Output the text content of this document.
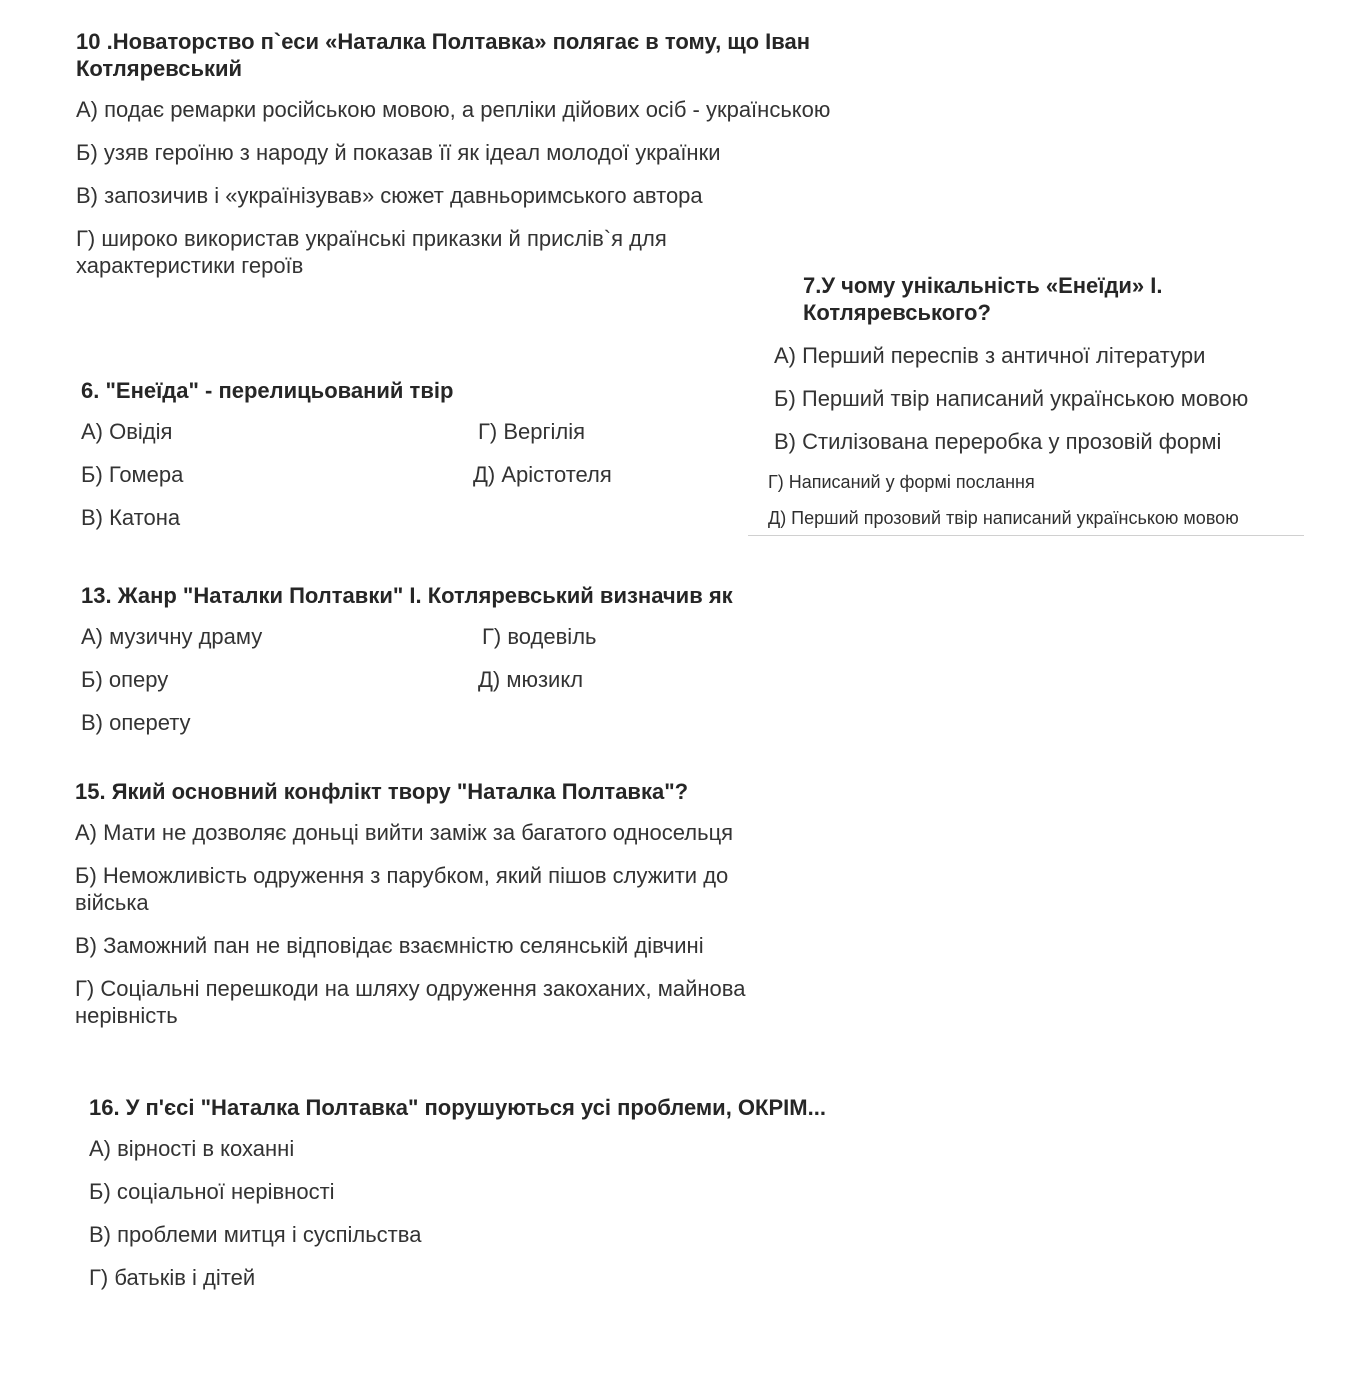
10 .Новаторство п`еси «Наталка Полтавка» полягає в тому, що Іван Котляревський
А) подає ремарки російською мовою, а репліки дійових осіб - українською
Б) узяв героїню з народу й показав її як ідеал молодої українки
В) запозичив і «українізував» сюжет давньоримського автора
Г) широко використав українські приказки й прислів`я для характеристики героїв
7.У чому унікальність «Енеїди» І. Котляревського?
А) Перший переспів з античної літератури
Б) Перший твір написаний українською мовою
В) Стилізована переробка у прозовій формі
Г) Написаний у формі послання
Д) Перший прозовий твір написаний українською мовою
6. "Енеїда" - перелицьований твір
А) Овідія	Г) Вергілія
Б) Гомера	Д) Арістотеля
В) Катона
13. Жанр "Наталки Полтавки" І. Котляревський визначив як
А) музичну драму	Г) водевіль
Б) оперу	Д) мюзикл
В) оперету
15. Який основний конфлікт твору "Наталка Полтавка"?
А) Мати не дозволяє доньці вийти заміж за багатого односельця
Б) Неможливість одруження з парубком, який пішов служити до війська
В) Заможний пан не відповідає взаємністю селянській дівчині
Г) Соціальні перешкоди на шляху одруження закоханих, майнова нерівність
16. У п'єсі "Наталка Полтавка" порушуються усі проблеми, ОКРІМ...
А) вірності в коханні
Б) соціальної нерівності
В) проблеми митця і суспільства
Г) батьків і дітей
